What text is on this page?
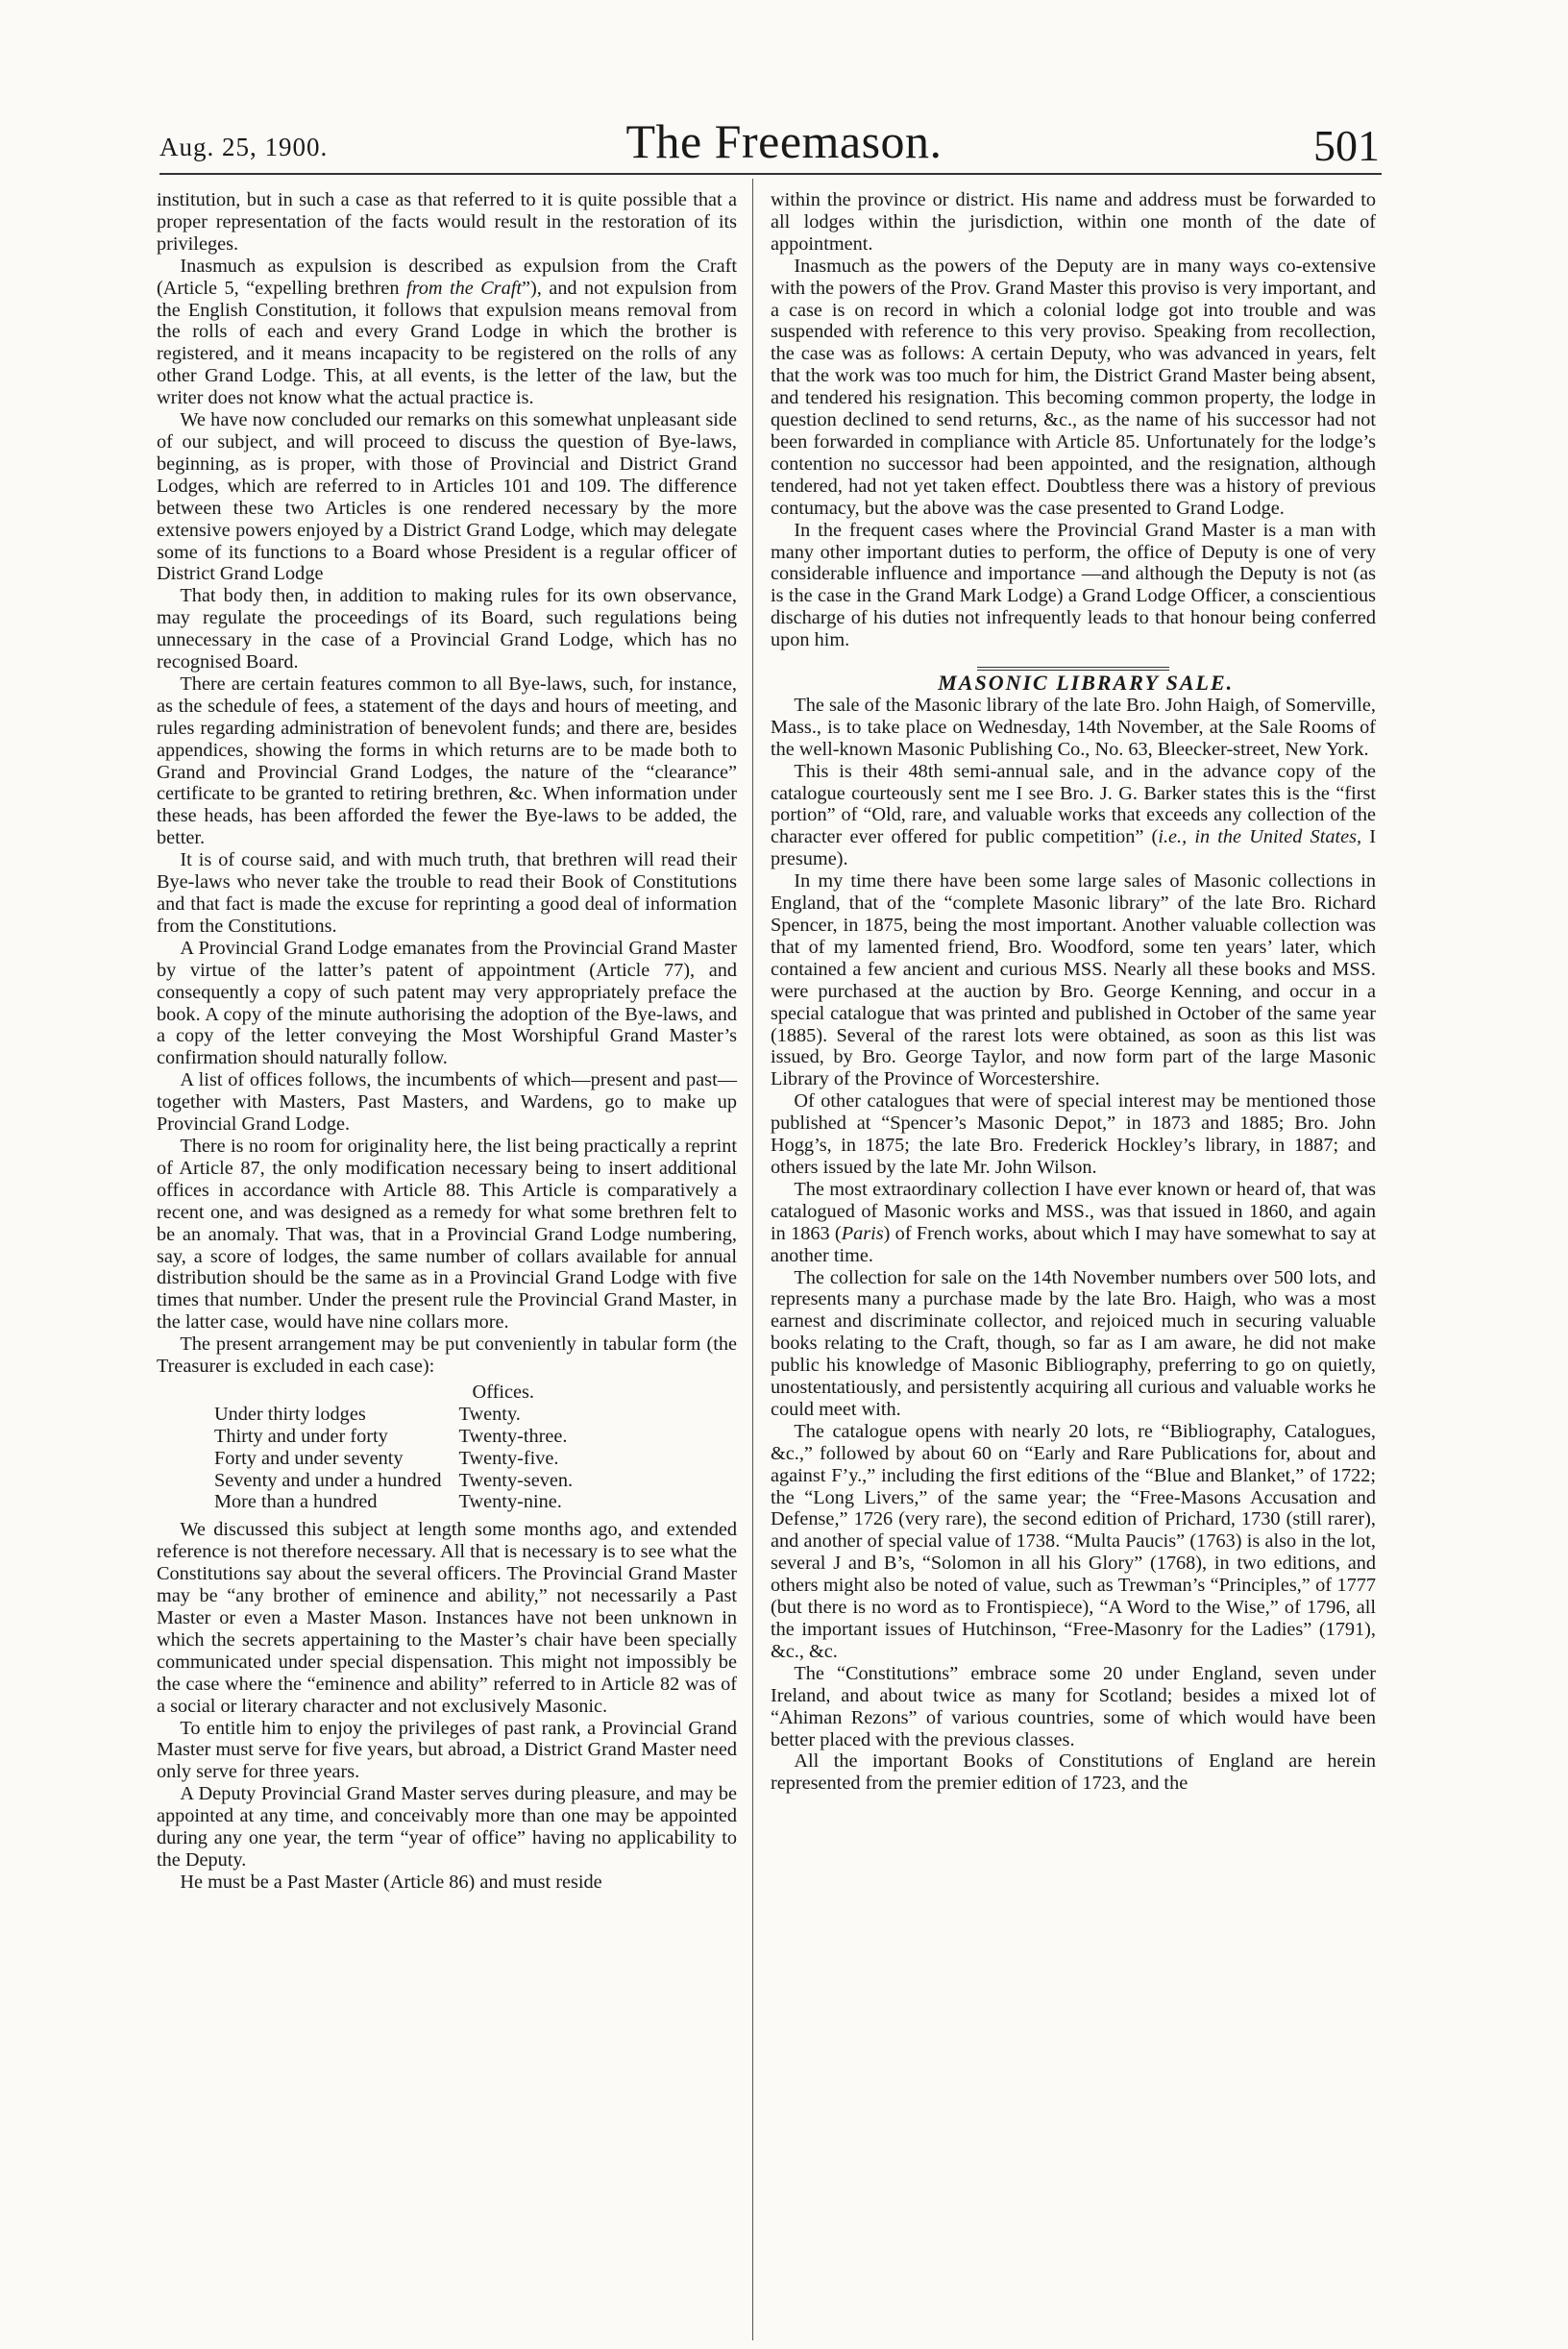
Aug. 25, 1900.	The Freemason.	501

institution, but in such a case as that referred to it is quite possible that a proper representation of the facts would result in the restoration of its privileges.

Inasmuch as expulsion is described as expulsion from the Craft (Article 5, “expelling brethren from the Craft”), and not expulsion from the English Constitution, it follows that expulsion means removal from the rolls of each and every Grand Lodge in which the brother is registered, and it means incapacity to be registered on the rolls of any other Grand Lodge. This, at all events, is the letter of the law, but the writer does not know what the actual practice is.

We have now concluded our remarks on this somewhat unpleasant side of our subject, and will proceed to discuss the question of Bye-laws, beginning, as is proper, with those of Provincial and District Grand Lodges, which are referred to in Articles 101 and 109. The difference between these two Articles is one rendered necessary by the more extensive powers enjoyed by a District Grand Lodge, which may delegate some of its functions to a Board whose President is a regular officer of District Grand Lodge

That body then, in addition to making rules for its own observance, may regulate the proceedings of its Board, such regulations being unnecessary in the case of a Provincial Grand Lodge, which has no recognised Board.

There are certain features common to all Bye-laws, such, for instance, as the schedule of fees, a statement of the days and hours of meeting, and rules regarding administration of benevolent funds; and there are, besides appendices, showing the forms in which returns are to be made both to Grand and Provincial Grand Lodges, the nature of the “clearance” certificate to be granted to retiring brethren, &c. When information under these heads, has been afforded the fewer the Bye-laws to be added, the better.

It is of course said, and with much truth, that brethren will read their Bye-laws who never take the trouble to read their Book of Constitutions and that fact is made the excuse for reprinting a good deal of information from the Constitutions.

A Provincial Grand Lodge emanates from the Provincial Grand Master by virtue of the latter’s patent of appointment (Article 77), and consequently a copy of such patent may very appropriately preface the book. A copy of the minute authorising the adoption of the Bye-laws, and a copy of the letter conveying the Most Worshipful Grand Master’s confirmation should naturally follow.

A list of offices follows, the incumbents of which—present and past—together with Masters, Past Masters, and Wardens, go to make up Provincial Grand Lodge.

There is no room for originality here, the list being practically a reprint of Article 87, the only modification necessary being to insert additional offices in accordance with Article 88. This Article is comparatively a recent one, and was designed as a remedy for what some brethren felt to be an anomaly. That was, that in a Provincial Grand Lodge numbering, say, a score of lodges, the same number of collars available for annual distribution should be the same as in a Provincial Grand Lodge with five times that number. Under the present rule the Provincial Grand Master, in the latter case, would have nine collars more.

The present arrangement may be put conveniently in tabular form (the Treasurer is excluded in each case):

	Offices.
Under thirty lodges	Twenty.
Thirty and under forty	Twenty-three.
Forty and under seventy	Twenty-five.
Seventy and under a hundred	Twenty-seven.
More than a hundred	Twenty-nine.

We discussed this subject at length some months ago, and extended reference is not therefore necessary. All that is necessary is to see what the Constitutions say about the several officers. The Provincial Grand Master may be “any brother of eminence and ability,” not necessarily a Past Master or even a Master Mason. Instances have not been unknown in which the secrets appertaining to the Master’s chair have been specially communicated under special dispensation. This might not impossibly be the case where the “eminence and ability” referred to in Article 82 was of a social or literary character and not exclusively Masonic.

To entitle him to enjoy the privileges of past rank, a Provincial Grand Master must serve for five years, but abroad, a District Grand Master need only serve for three years.

A Deputy Provincial Grand Master serves during pleasure, and may be appointed at any time, and conceivably more than one may be appointed during any one year, the term “year of office” having no applicability to the Deputy.

He must be a Past Master (Article 86) and must reside

within the province or district. His name and address must be forwarded to all lodges within the jurisdiction, within one month of the date of appointment.

Inasmuch as the powers of the Deputy are in many ways co-extensive with the powers of the Prov. Grand Master this proviso is very important, and a case is on record in which a colonial lodge got into trouble and was suspended with reference to this very proviso. Speaking from recollection, the case was as follows: A certain Deputy, who was advanced in years, felt that the work was too much for him, the District Grand Master being absent, and tendered his resignation. This becoming common property, the lodge in question declined to send returns, &c., as the name of his successor had not been forwarded in compliance with Article 85. Unfortunately for the lodge’s contention no successor had been appointed, and the resignation, although tendered, had not yet taken effect. Doubtless there was a history of previous contumacy, but the above was the case presented to Grand Lodge.

In the frequent cases where the Provincial Grand Master is a man with many other important duties to perform, the office of Deputy is one of very considerable influence and importance —and although the Deputy is not (as is the case in the Grand Mark Lodge) a Grand Lodge Officer, a conscientious discharge of his duties not infrequently leads to that honour being conferred upon him.

MASONIC LIBRARY SALE.

The sale of the Masonic library of the late Bro. John Haigh, of Somerville, Mass., is to take place on Wednesday, 14th November, at the Sale Rooms of the well-known Masonic Publishing Co., No. 63, Bleecker-street, New York.

This is their 48th semi-annual sale, and in the advance copy of the catalogue courteously sent me I see Bro. J. G. Barker states this is the “first portion” of “Old, rare, and valuable works that exceeds any collection of the character ever offered for public competition” (i.e., in the United States, I presume).

In my time there have been some large sales of Masonic collections in England, that of the “complete Masonic library” of the late Bro. Richard Spencer, in 1875, being the most important. Another valuable collection was that of my lamented friend, Bro. Woodford, some ten years’ later, which contained a few ancient and curious MSS. Nearly all these books and MSS. were purchased at the auction by Bro. George Kenning, and occur in a special catalogue that was printed and published in October of the same year (1885). Several of the rarest lots were obtained, as soon as this list was issued, by Bro. George Taylor, and now form part of the large Masonic Library of the Province of Worcestershire.

Of other catalogues that were of special interest may be mentioned those published at “Spencer’s Masonic Depot,” in 1873 and 1885; Bro. John Hogg’s, in 1875; the late Bro. Frederick Hockley’s library, in 1887; and others issued by the late Mr. John Wilson.

The most extraordinary collection I have ever known or heard of, that was catalogued of Masonic works and MSS., was that issued in 1860, and again in 1863 (Paris) of French works, about which I may have somewhat to say at another time.

The collection for sale on the 14th November numbers over 500 lots, and represents many a purchase made by the late Bro. Haigh, who was a most earnest and discriminate collector, and rejoiced much in securing valuable books relating to the Craft, though, so far as I am aware, he did not make public his knowledge of Masonic Bibliography, preferring to go on quietly, unostentatiously, and persistently acquiring all curious and valuable works he could meet with.

The catalogue opens with nearly 20 lots, re “Bibliography, Catalogues, &c.,” followed by about 60 on “Early and Rare Publications for, about and against F’y.,” including the first editions of the “Blue and Blanket,” of 1722; the “Long Livers,” of the same year; the “Free-Masons Accusation and Defense,” 1726 (very rare), the second edition of Prichard, 1730 (still rarer), and another of special value of 1738. “Multa Paucis” (1763) is also in the lot, several J and B’s, “Solomon in all his Glory” (1768), in two editions, and others might also be noted of value, such as Trewman’s “Principles,” of 1777 (but there is no word as to Frontispiece), “A Word to the Wise,” of 1796, all the important issues of Hutchinson, “Free-Masonry for the Ladies” (1791), &c., &c.

The “Constitutions” embrace some 20 under England, seven under Ireland, and about twice as many for Scotland; besides a mixed lot of “Ahiman Rezons” of various countries, some of which would have been better placed with the previous classes.

All the important Books of Constitutions of England are herein represented from the premier edition of 1723, and the
